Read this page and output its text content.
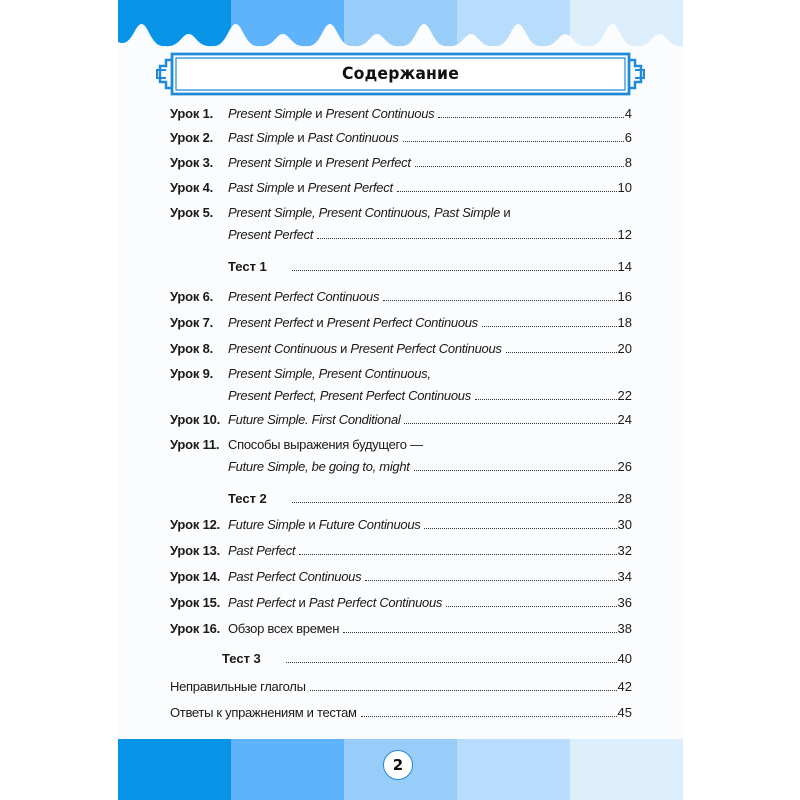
Содержание
Урок 1.	Present Simple и Present Continuous	4
Урок 2.	Past Simple и Past Continuous	6
Урок 3.	Present Simple и Present Perfect	8
Урок 4.	Past Simple и Present Perfect	10
Урок 5.	Present Simple, Present Continuous, Past Simple и
Present Perfect	12
Тест 1	14
Урок 6.	Present Perfect Continuous	16
Урок 7.	Present Perfect и Present Perfect Continuous	18
Урок 8.	Present Continuous и Present Perfect Continuous	20
Урок 9.	Present Simple, Present Continuous,
Present Perfect, Present Perfect Continuous	22
Урок 10. Future Simple. First Conditional	24
Урок 11. Способы выражения будущего —
Future Simple, be going to, might	26
Тест 2	28
Урок 12. Future Simple и Future Continuous	30
Урок 13. Past Perfect	32
Урок 14. Past Perfect Continuous	34
Урок 15. Past Perfect и Past Perfect Continuous	36
Урок 16. Обзор всех времен	38
Тест 3	40
Неправильные глаголы	42
Ответы к упражнениям и тестам	45
2
